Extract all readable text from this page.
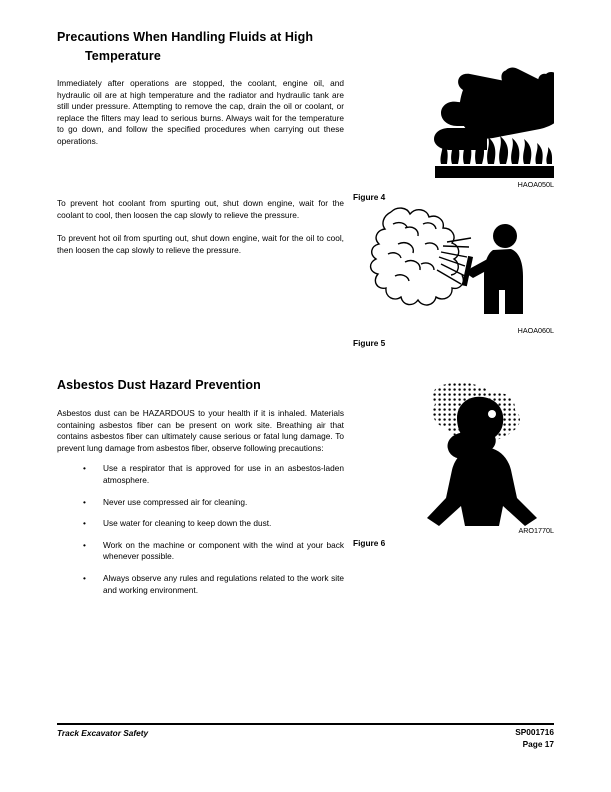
Precautions When Handling Fluids at High
Temperature

Immediately after operations are stopped, the coolant, engine oil, and hydraulic oil are at high temperature and the radiator and hydraulic tank are still under pressure. Attempting to remove the cap, drain the oil or coolant, or replace the filters may lead to serious burns. Always wait for the temperature to go down, and follow the specified procedures when carrying out these operations.

HAOA050L
Figure 4

To prevent hot coolant from spurting out, shut down engine, wait for the coolant to cool, then loosen the cap slowly to relieve the pressure.

To prevent hot oil from spurting out, shut down engine, wait for the oil to cool, then loosen the cap slowly to relieve the pressure.

HAOA060L
Figure 5
Asbestos Dust Hazard Prevention

Asbestos dust can be HAZARDOUS to your health if it is inhaled. Materials containing asbestos fiber can be present on work site. Breathing air that contains asbestos fiber can ultimately cause serious or fatal lung damage. To prevent lung damage from asbestos fiber, observe following precautions:

• Use a respirator that is approved for use in an asbestos-laden atmosphere.
• Never use compressed air for cleaning.
• Use water for cleaning to keep down the dust.
• Work on the machine or component with the wind at your back whenever possible.
• Always observe any rules and regulations related to the work site and working environment.
ARO1770L
Figure 6
Track Excavator Safety	SP001716
Page 17
